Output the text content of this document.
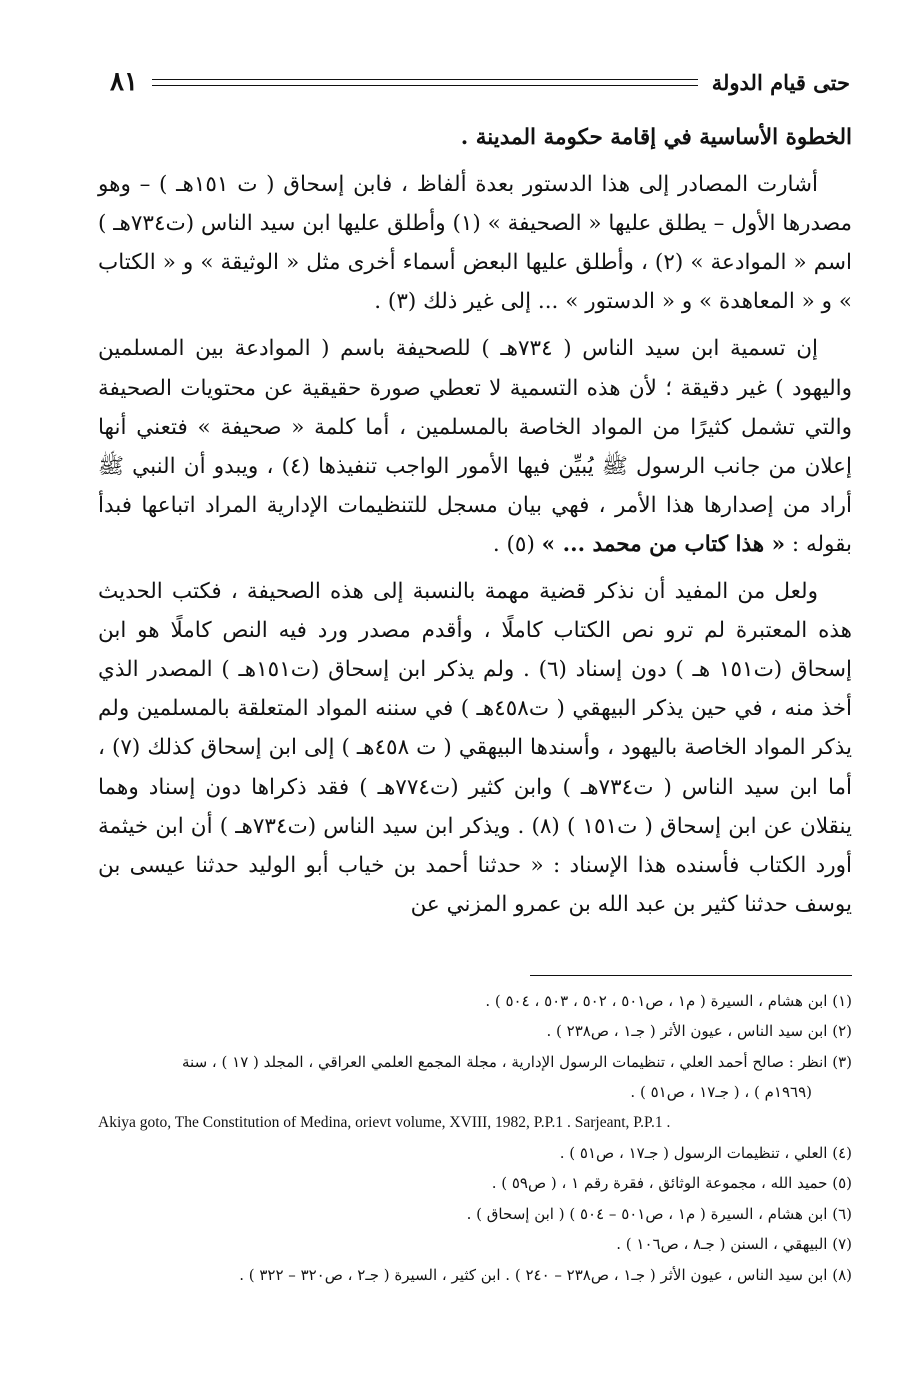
حتى قيام الدولة
٨١

الخطوة الأساسية في إقامة حكومة المدينة .

أشارت المصادر إلى هذا الدستور بعدة ألفاظ ، فابن إسحاق ( ت ١٥١هـ ) – وهو مصدرها الأول – يطلق عليها « الصحيفة » (١) وأطلق عليها ابن سيد الناس (ت٧٣٤هـ ) اسم « الموادعة » (٢) ، وأطلق عليها البعض أسماء أخرى مثل « الوثيقة » و « الكتاب » و « المعاهدة » و « الدستور » ... إلى غير ذلك (٣) .

إن تسمية ابن سيد الناس ( ٧٣٤هـ ) للصحيفة باسم ( الموادعة بين المسلمين واليهود ) غير دقيقة ؛ لأن هذه التسمية لا تعطي صورة حقيقية عن محتويات الصحيفة والتي تشمل كثيرًا من المواد الخاصة بالمسلمين ، أما كلمة « صحيفة » فتعني أنها إعلان من جانب الرسول ﷺ يُبيِّن فيها الأمور الواجب تنفيذها (٤) ، ويبدو أن النبي ﷺ أراد من إصدارها هذا الأمر ، فهي بيان مسجل للتنظيمات الإدارية المراد اتباعها فبدأ بقوله : « هذا كتاب من محمد ... » (٥) .

ولعل من المفيد أن نذكر قضية مهمة بالنسبة إلى هذه الصحيفة ، فكتب الحديث هذه المعتبرة لم ترو نص الكتاب كاملًا ، وأقدم مصدر ورد فيه النص كاملًا هو ابن إسحاق (ت١٥١ هـ ) دون إسناد (٦) . ولم يذكر ابن إسحاق (ت١٥١هـ ) المصدر الذي أخذ منه ، في حين يذكر البيهقي ( ت٤٥٨هـ ) في سننه المواد المتعلقة بالمسلمين ولم يذكر المواد الخاصة باليهود ، وأسندها البيهقي ( ت ٤٥٨هـ ) إلى ابن إسحاق كذلك (٧) ، أما ابن سيد الناس ( ت٧٣٤هـ ) وابن كثير (ت٧٧٤هـ ) فقد ذكراها دون إسناد وهما ينقلان عن ابن إسحاق ( ت١٥١ ) (٨) . ويذكر ابن سيد الناس (ت٧٣٤هـ ) أن ابن خيثمة أورد الكتاب فأسنده هذا الإسناد : « حدثنا أحمد بن خياب أبو الوليد حدثنا عيسى بن يوسف حدثنا كثير بن عبد الله بن عمرو المزني عن

(١) ابن هشام ، السيرة ( م١ ، ص٥٠١ ، ٥٠٢ ، ٥٠٣ ، ٥٠٤ ) .
(٢) ابن سيد الناس ، عيون الأثر ( جـ١ ، ص٢٣٨ ) .
(٣) انظر : صالح أحمد العلي ، تنظيمات الرسول الإدارية ، مجلة المجمع العلمي العراقي ، المجلد ( ١٧ ) ، سنة
(١٩٦٩م ) ، ( جـ١٧ ، ص٥١ ) .
Akiya goto, The Constitution of Medina, orievt volume, XVIII, 1982, P.P.1 . Sarjeant, P.P.1 .
(٤) العلي ، تنظيمات الرسول ( جـ١٧ ، ص٥١ ) .
(٥) حميد الله ، مجموعة الوثائق ، فقرة رقم ١ ، ( ص٥٩ ) .
(٦) ابن هشام ، السيرة ( م١ ، ص٥٠١ – ٥٠٤ ) ( ابن إسحاق ) .
(٧) البيهقي ، السنن ( جـ٨ ، ص١٠٦ ) .
(٨) ابن سيد الناس ، عيون الأثر ( جـ١ ، ص٢٣٨ – ٢٤٠ ) . ابن كثير ، السيرة ( جـ٢ ، ص٣٢٠ – ٣٢٢ ) .
